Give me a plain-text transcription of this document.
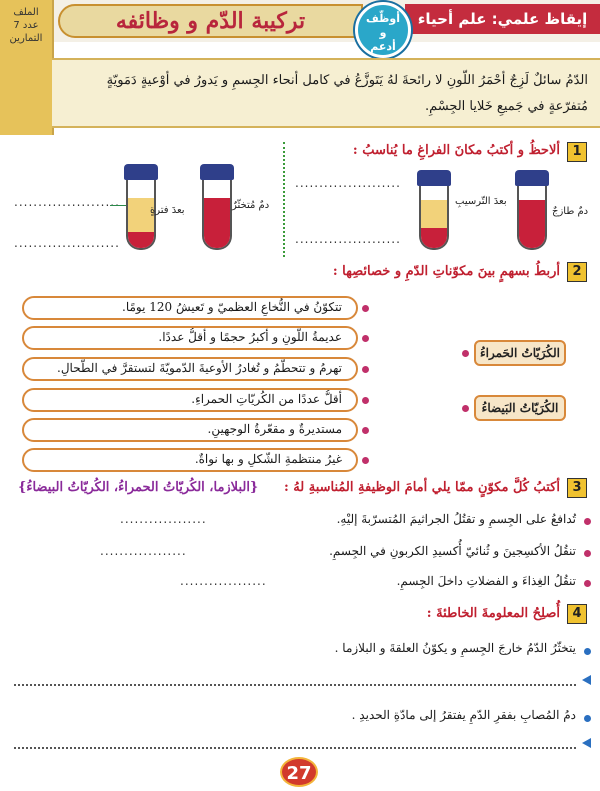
الملف
عدد 7
التمارين
تركيبة الدّم و وظائفه	إيقاظ علمي: علم أحياء
أوظّف
و
أدعم
الدّمُ سائلٌ لَزِجٌ أحْمَرُ اللّونِ لا رائحةَ لهُ يَتَوزَّعُ في كامل أنحاء الجِسمِ و يَدورُ في أوْعيةٍ دَمَويّةٍ مُتفرّعةٍ في جَميعِ خَلايا الجِسْمِ.
1
ألاحظُ و أكتبُ مكانَ الفراغِ ما يُناسبُ :
بعدَ فترةٍ	دمٌ مُتخثّرٌ
......................
......................
بعدَ التّرسيبِ
دمٌ طازجٌ
......................
......................
2
أربطُ بسهمٍ بينَ مكوّناتِ الدّمِ و خصائصِها :
تتكوّنُ في النُّخاعِ العظميّ و تَعيشُ 120 يومًا.
عديمةُ اللّونِ و أكبرُ حجمًا و أقلُّ عددًا.
تهرمُ و تتحطّمُ و تُغادرُ الأوعيةَ الدّمويّةَ لتستقرَّ في الطّحالِ.
أقلُّ عددًا من الكُريّاتِ الحمراءِ.
مستديرةٌ و مقعّرةُ الوجهينِ.
غيرُ منتظمةِ الشّكلِ و بها نواةٌ.
الكُرَيّاتُ الحَمراءُ
الكُرَيّاتُ البَيضاءُ
3
أكتبُ كُلَّ مكوّنٍ ممّا يلي أمامَ الوظيفةِ المُناسبةِ لهُ :
{البلازما، الكُريّاتُ الحمراءُ، الكُريّاتُ البيضاءُ}
تُدافعُ على الجِسمِ و تقتُلُ الجراثيمَ المُتسرّبةَ إليْهِ.
..................
تنقُلُ الأكسِجينَ و ثُنائيّ أُكسيدِ الكربونِ في الجِسمِ.
..................
تنقُلُ الغِذاءَ و الفضلاتِ داخلَ الجِسمِ.
..................
4
أُصلِحُ المعلومةَ الخاطئةَ :
يتخثّرُ الدّمُ خارجَ الجِسمِ و يكوّنُ العلقةَ و البلازما .
دمُ المُصابِ بفقرِ الدّمِ يفتقرُ إلى مادّةِ الحديدِ .
27
